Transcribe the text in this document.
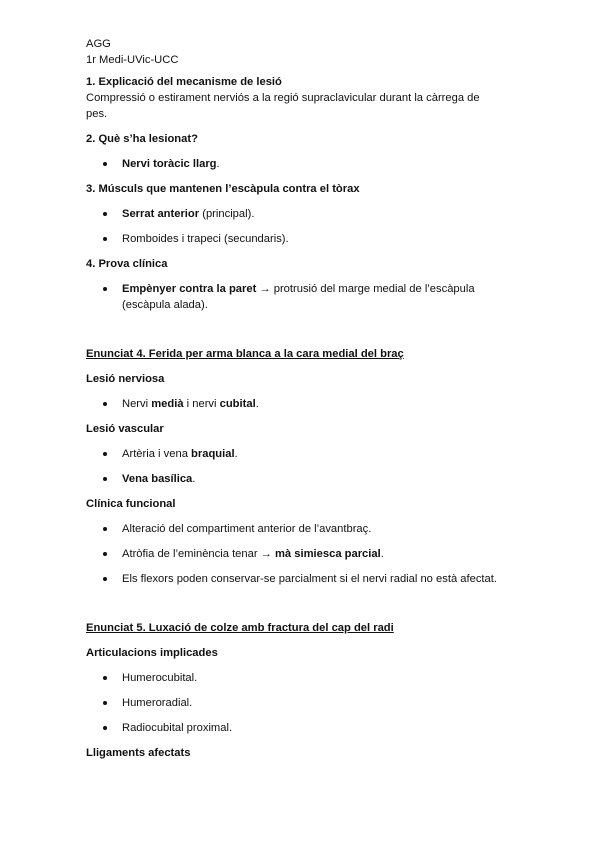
AGG

1r Medi-UVic-UCC

1. Explicació del mecanisme de lesió

Compressió o estirament nerviós a la regió supraclavicular durant la càrrega de pes.

2. Què s’ha lesionat?

Nervi toràcic llarg.

3. Músculs que mantenen l’escàpula contra el tòrax

Serrat anterior (principal).
Romboides i trapeci (secundaris).

4. Prova clínica

Empènyer contra la paret → protrusió del marge medial de l’escàpula (escàpula alada).

Enunciat 4. Ferida per arma blanca a la cara medial del braç

Lesió nerviosa

Nervi medià i nervi cubital.

Lesió vascular

Artèria i vena braquial.
Vena basílica.

Clínica funcional

Alteració del compartiment anterior de l’avantbraç.
Atròfia de l’eminència tenar → mà simiesca parcial.
Els flexors poden conservar-se parcialment si el nervi radial no està afectat.

Enunciat 5. Luxació de colze amb fractura del cap del radi

Articulacions implicades

Humerocubital.
Humeroradial.
Radiocubital proximal.

Lligaments afectats
